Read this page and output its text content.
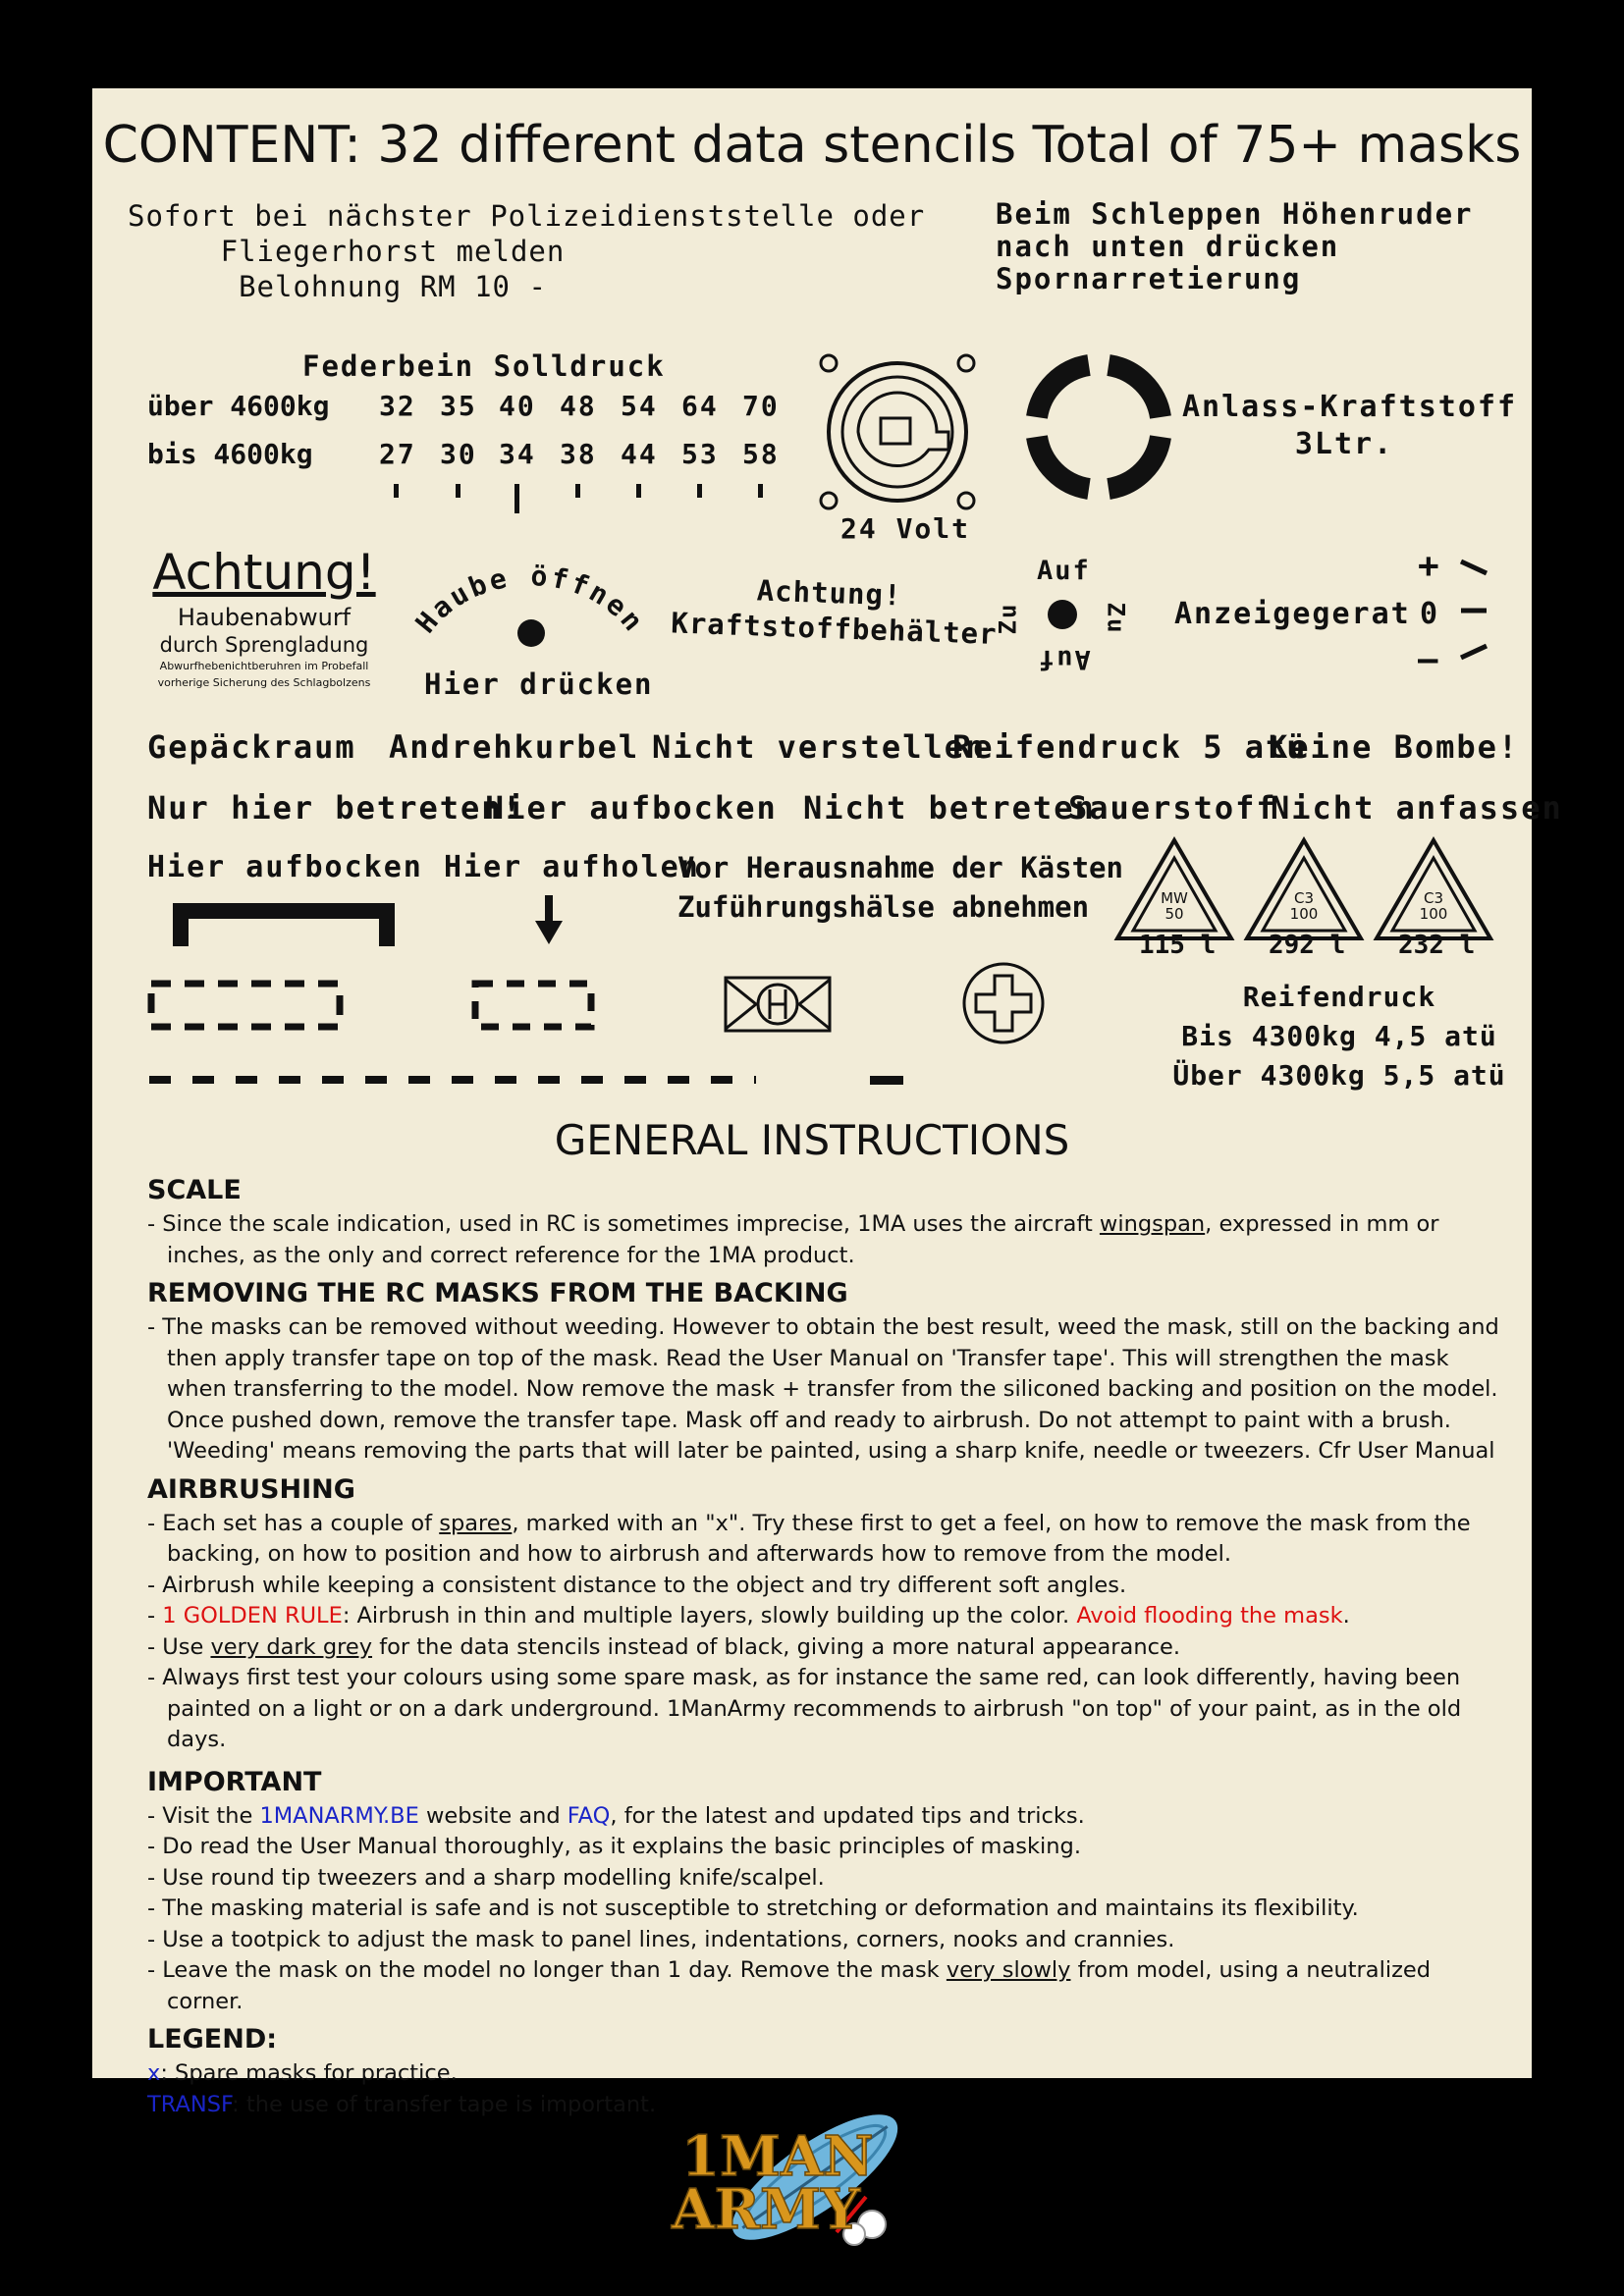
CONTENT: 32 different data stencils Total of 75+ masks
Sofort bei nächster Polizeidienststelle oder
Fliegerhorst melden
Belohnung RM 10 -
Beim Schleppen Höhenruder
nach unten drücken
Spornarretierung
Federbein Solldruck
über 4600kg
bis 4600kg
32 35 40 48 54 64 70
27 30 34 38 44 53 58
24 Volt
Anlass-Kraftstoff
3Ltr.
Achtung!
Haubenabwurf
durch Sprengladung
Abwurfhebenichtberuhren im Probefall
vorherige Sicherung des Schlagbolzens
Haube öffnen
Hier drücken
Achtung!
Kraftstoffbehälter
Auf
Auf
Zu	Zu Anzeigegerat
+
0
–
Gepäckraum Andrehkurbel Nicht verstellen
Reifendruck 5 atü
Keine Bombe!
Nur hier betreten!
Hier aufbocken Nicht betreten
Sauerstoff
Nicht anfassen
Hier aufbocken Hier aufholen
Vor Herausnahme der Kästen
Zuführungshälse abnehmen	MW
50
C3
100
C3
100
115 l 292 l 232 l
Reifendruck
Bis 4300kg 4,5 atü
Über 4300kg 5,5 atü
GENERAL INSTRUCTIONS
SCALE

- Since the scale indication, used in RC is sometimes imprecise, 1MA uses the aircraft wingspan, expressed in mm or inches, as the only and correct reference for the 1MA product.

REMOVING THE RC MASKS FROM THE BACKING

- The masks can be removed without weeding. However to obtain the best result, weed the mask, still on the backing and then apply transfer tape on top of the mask. Read the User Manual on 'Transfer tape'. This will strengthen the mask when transferring to the model. Now remove the mask + transfer from the siliconed backing and position on the model. Once pushed down, remove the transfer tape. Mask off and ready to airbrush. Do not attempt to paint with a brush. 'Weeding' means removing the parts that will later be painted, using a sharp knife, needle or tweezers. Cfr User Manual

AIRBRUSHING

- Each set has a couple of spares, marked with an "x". Try these first to get a feel, on how to remove the mask from the backing, on how to position and how to airbrush and afterwards how to remove from the model.

- Airbrush while keeping a consistent distance to the object and try different soft angles.

- 1 GOLDEN RULE: Airbrush in thin and multiple layers, slowly building up the color. Avoid flooding the mask.

- Use very dark grey for the data stencils instead of black, giving a more natural appearance.

- Always first test your colours using some spare mask, as for instance the same red, can look differently, having been painted on a light or on a dark underground. 1ManArmy recommends to airbrush "on top" of your paint, as in the old days.

IMPORTANT

- Visit the 1MANARMY.BE website and FAQ, for the latest and updated tips and tricks.

- Do read the User Manual thoroughly, as it explains the basic principles of masking.

- Use round tip tweezers and a sharp modelling knife/scalpel.

- The masking material is safe and is not susceptible to stretching or deformation and maintains its flexibility.

- Use a tootpick to adjust the mask to panel lines, indentations, corners, nooks and crannies.

- Leave the mask on the model no longer than 1 day. Remove the mask very slowly from model, using a neutralized corner.

LEGEND:
x: Spare masks for practice.
TRANSF: the use of transfer tape is important.
1MAN
ARMY
